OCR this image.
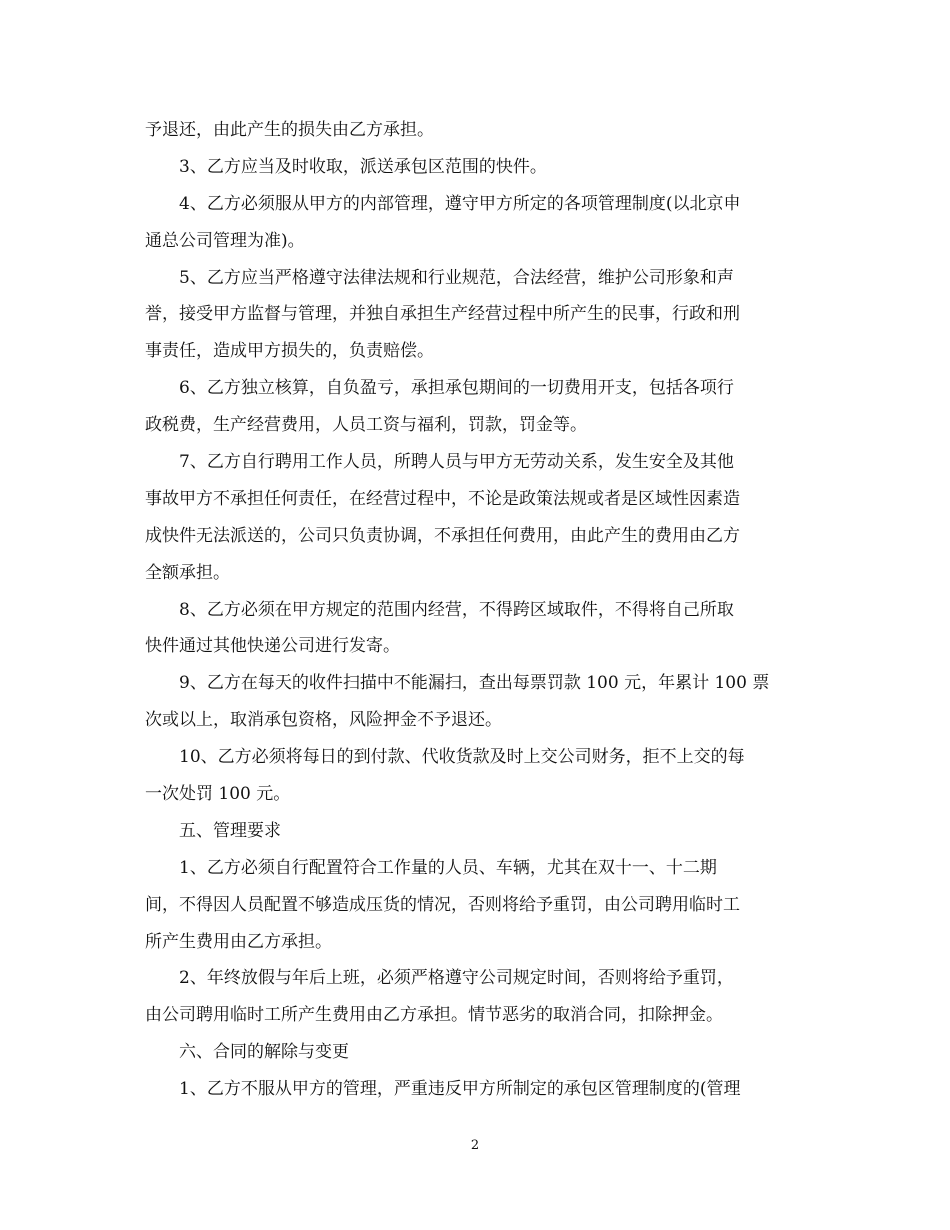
予退还，由此产生的损失由乙方承担。
3、乙方应当及时收取，派送承包区范围的快件。
4、乙方必须服从甲方的内部管理，遵守甲方所定的各项管理制度(以北京申
通总公司管理为准)。
5、乙方应当严格遵守法律法规和行业规范，合法经营，维护公司形象和声
誉，接受甲方监督与管理，并独自承担生产经营过程中所产生的民事，行政和刑
事责任，造成甲方损失的，负责赔偿。
6、乙方独立核算，自负盈亏，承担承包期间的一切费用开支，包括各项行
政税费，生产经营费用，人员工资与福利，罚款，罚金等。
7、乙方自行聘用工作人员，所聘人员与甲方无劳动关系，发生安全及其他
事故甲方不承担任何责任，在经营过程中，不论是政策法规或者是区域性因素造
成快件无法派送的，公司只负责协调，不承担任何费用，由此产生的费用由乙方
全额承担。
8、乙方必须在甲方规定的范围内经营，不得跨区域取件，不得将自己所取
快件通过其他快递公司进行发寄。
9、乙方在每天的收件扫描中不能漏扫，查出每票罚款 100 元，年累计 100 票
次或以上，取消承包资格，风险押金不予退还。
10、乙方必须将每日的到付款、代收货款及时上交公司财务，拒不上交的每
一次处罚 100 元。
五、管理要求
1、乙方必须自行配置符合工作量的人员、车辆，尤其在双十一、十二期
间，不得因人员配置不够造成压货的情况，否则将给予重罚，由公司聘用临时工
所产生费用由乙方承担。
2、年终放假与年后上班，必须严格遵守公司规定时间，否则将给予重罚，
由公司聘用临时工所产生费用由乙方承担。情节恶劣的取消合同，扣除押金。
六、合同的解除与变更
1、乙方不服从甲方的管理，严重违反甲方所制定的承包区管理制度的(管理
2
